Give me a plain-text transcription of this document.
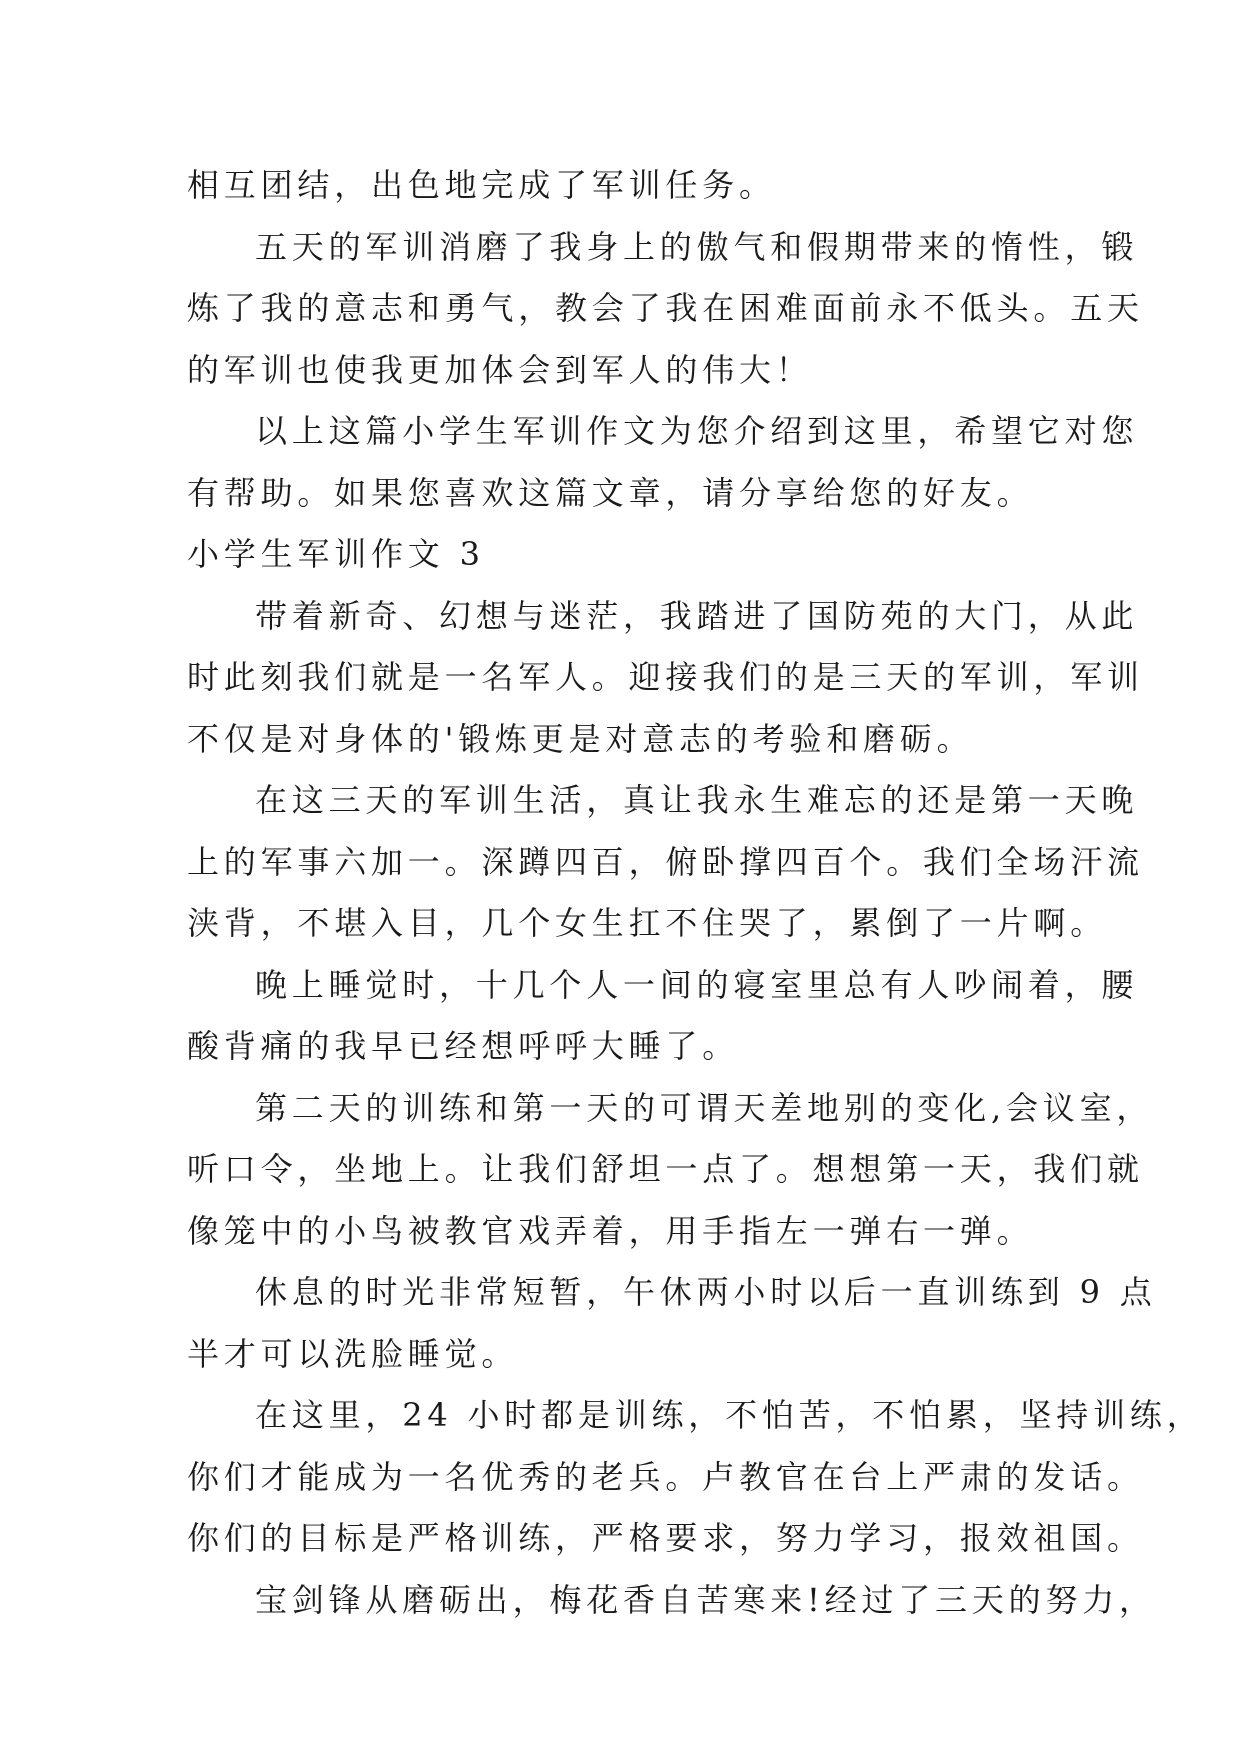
相互团结，出色地完成了军训任务。
五天的军训消磨了我身上的傲气和假期带来的惰性，锻
炼了我的意志和勇气，教会了我在困难面前永不低头。五天
的军训也使我更加体会到军人的伟大！
以上这篇小学生军训作文为您介绍到这里，希望它对您
有帮助。如果您喜欢这篇文章，请分享给您的好友。
小学生军训作文 3
带着新奇、幻想与迷茫，我踏进了国防苑的大门，从此
时此刻我们就是一名军人。迎接我们的是三天的军训，军训
不仅是对身体的'锻炼更是对意志的考验和磨砺。
在这三天的军训生活，真让我永生难忘的还是第一天晚
上的军事六加一。深蹲四百，俯卧撑四百个。我们全场汗流
浃背，不堪入目，几个女生扛不住哭了，累倒了一片啊。
晚上睡觉时，十几个人一间的寝室里总有人吵闹着，腰
酸背痛的我早已经想呼呼大睡了。
第二天的训练和第一天的可谓天差地别的变化,会议室，
听口令，坐地上。让我们舒坦一点了。想想第一天，我们就
像笼中的小鸟被教官戏弄着，用手指左一弹右一弹。
休息的时光非常短暂，午休两小时以后一直训练到 9 点
半才可以洗脸睡觉。
在这里，24 小时都是训练，不怕苦，不怕累，坚持训练，
你们才能成为一名优秀的老兵。卢教官在台上严肃的发话。
你们的目标是严格训练，严格要求，努力学习，报效祖国。
宝剑锋从磨砺出，梅花香自苦寒来!经过了三天的努力，
